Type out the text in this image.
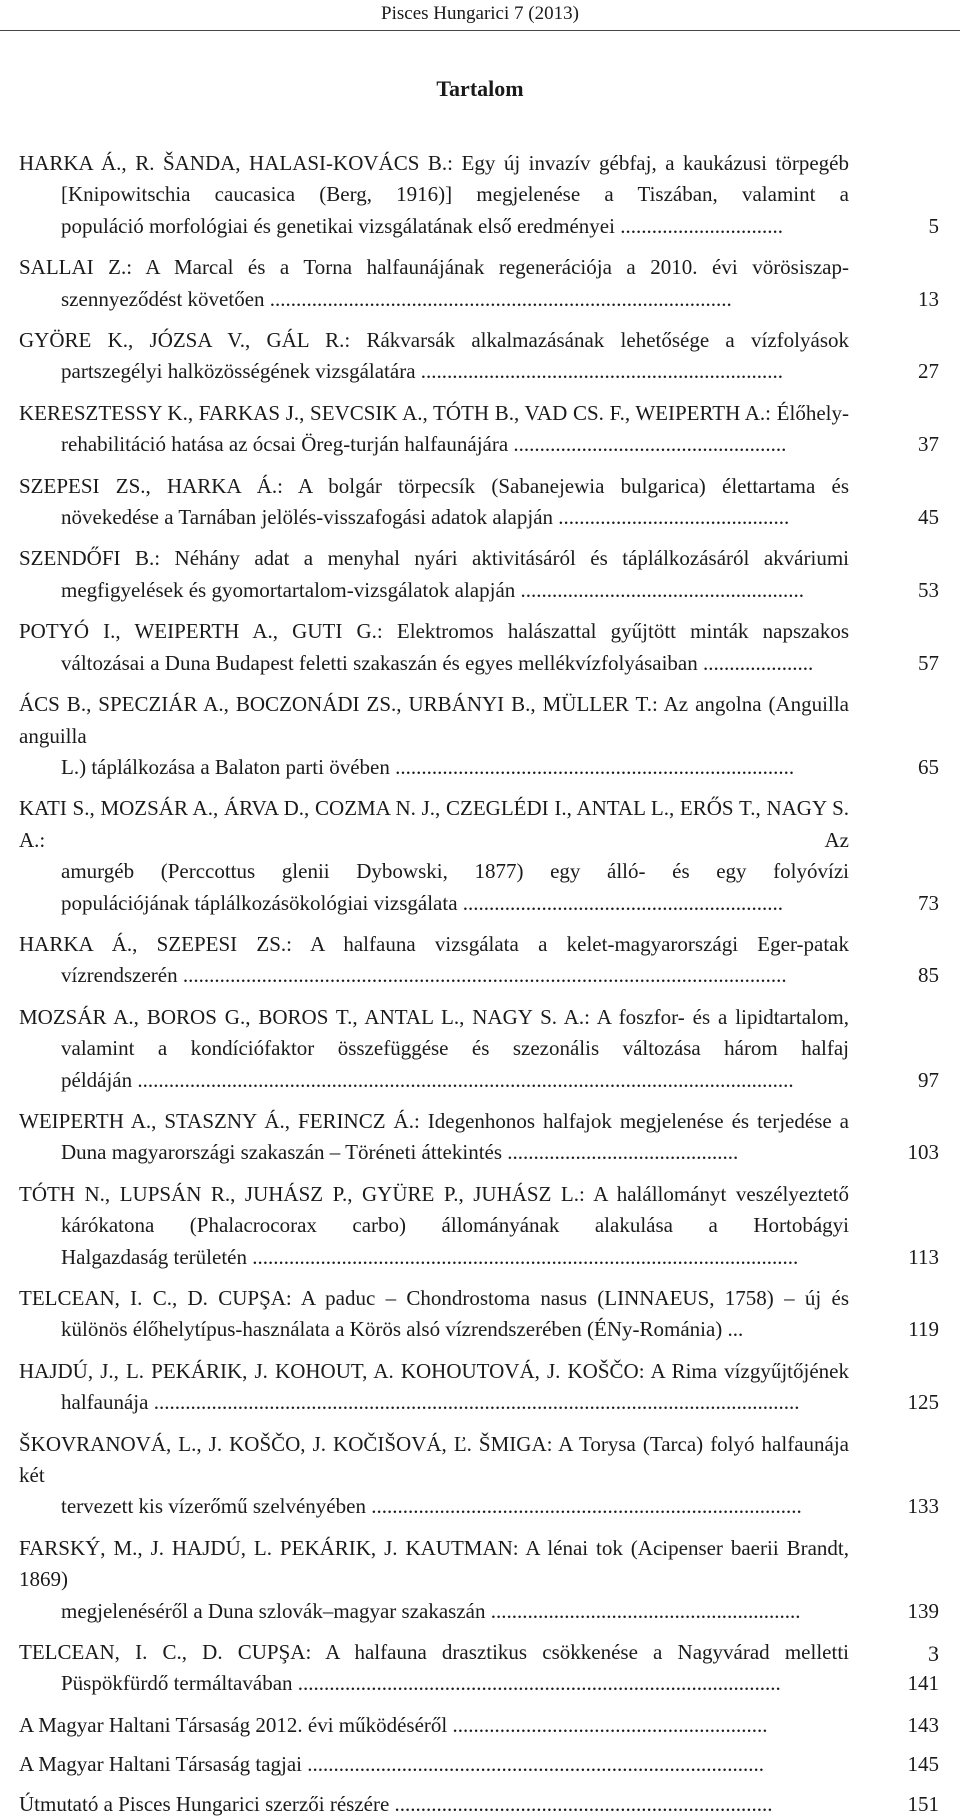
Pisces Hungarici 7 (2013)
Tartalom
HARKA Á., R. ŠANDA, HALASI-KOVÁCS B.: Egy új invazív gébfaj, a kaukázusi törpegéb
[Knipowitschia caucasica (Berg, 1916)] megjelenése a Tiszában, valamint a
populáció morfológiai és genetikai vizsgálatának első eredményei ...............................	5
SALLAI Z.: A Marcal és a Torna halfaunájának regenerációja a 2010. évi vörösiszap-
szennyeződést követően ........................................................................................	13
GYÖRE K., JÓZSA V., GÁL R.: Rákvarsák alkalmazásának lehetősége a vízfolyások
partszegélyi halközösségének vizsgálatára .....................................................................	27
KERESZTESSY K., FARKAS J., SEVCSIK A., TÓTH B., VAD CS. F., WEIPERTH A.: Élőhely-
rehabilitáció hatása az ócsai Öreg-turján halfaunájára ....................................................	37
SZEPESI ZS., HARKA Á.: A bolgár törpecsík (Sabanejewia bulgarica) élettartama és
növekedése a Tarnában jelölés-visszafogási adatok alapján ............................................	45
SZENDŐFI B.: Néhány adat a menyhal nyári aktivitásáról és táplálkozásáról akváriumi
megfigyelések és gyomortartalom-vizsgálatok alapján ......................................................	53
POTYÓ I., WEIPERTH A., GUTI G.: Elektromos halászattal gyűjtött minták napszakos
változásai a Duna Budapest feletti szakaszán és egyes mellékvízfolyásaiban .....................	57
ÁCS B., SPECZIÁR A., BOCZONÁDI ZS., URBÁNYI B., MÜLLER T.: Az angolna (Anguilla anguilla
L.) táplálkozása a Balaton parti övében ............................................................................	65
KATI S., MOZSÁR A., ÁRVA D., COZMA N. J., CZEGLÉDI I., ANTAL L., ERŐS T., NAGY S. A.: Az
amurgéb (Perccottus glenii Dybowski, 1877) egy álló- és egy folyóvízi
populációjának táplálkozásökológiai vizsgálata .............................................................	73
HARKA Á., SZEPESI ZS.: A halfauna vizsgálata a kelet-magyarországi Eger-patak
vízrendszerén ...................................................................................................................	85
MOZSÁR A., BOROS G., BOROS T., ANTAL L., NAGY S. A.: A foszfor- és a lipidtartalom,
valamint a kondíciófaktor összefüggése és szezonális változása három halfaj
példáján .............................................................................................................................	97
WEIPERTH A., STASZNY Á., FERINCZ Á.: Idegenhonos halfajok megjelenése és terjedése a
Duna magyarországi szakaszán – Töréneti áttekintés ............................................	103
TÓTH N., LUPSÁN R., JUHÁSZ P., GYÜRE P., JUHÁSZ L.: A halállományt veszélyeztető
kárókatona (Phalacrocorax carbo) állományának alakulása a Hortobágyi
Halgazdaság területén ........................................................................................................	113
TELCEAN, I. C., D. CUPŞA: A paduc – Chondrostoma nasus (LINNAEUS, 1758) – új és
különös élőhelytípus-használata a Körös alsó vízrendszerében (ÉNy-Románia) ...	119
HAJDÚ, J., L. PEKÁRIK, J. KOHOUT, A. KOHOUTOVÁ, J. KOŠČO: A Rima vízgyűjtőjének
halfaunája ...........................................................................................................................	125
ŠKOVRANOVÁ, L., J. KOŠČO, J. KOČIŠOVÁ, Ľ. ŠMIGA: A Torysa (Tarca) folyó halfaunája két
tervezett kis vízerőmű szelvényében ..................................................................................	133
FARSKÝ, M., J. HAJDÚ, L. PEKÁRIK, J. KAUTMAN: A lénai tok (Acipenser baerii Brandt, 1869)
megjelenéséről a Duna szlovák–magyar szakaszán ...........................................................	139
TELCEAN, I. C., D. CUPŞA: A halfauna drasztikus csökkenése a Nagyvárad melletti
Püspökfürdő termáltavában ............................................................................................	141
A Magyar Haltani Társaság 2012. évi működéséről ............................................................	143
A Magyar Haltani Társaság tagjai .......................................................................................	145
Útmutató a Pisces Hungarici szerzői részére ........................................................................	151
3
